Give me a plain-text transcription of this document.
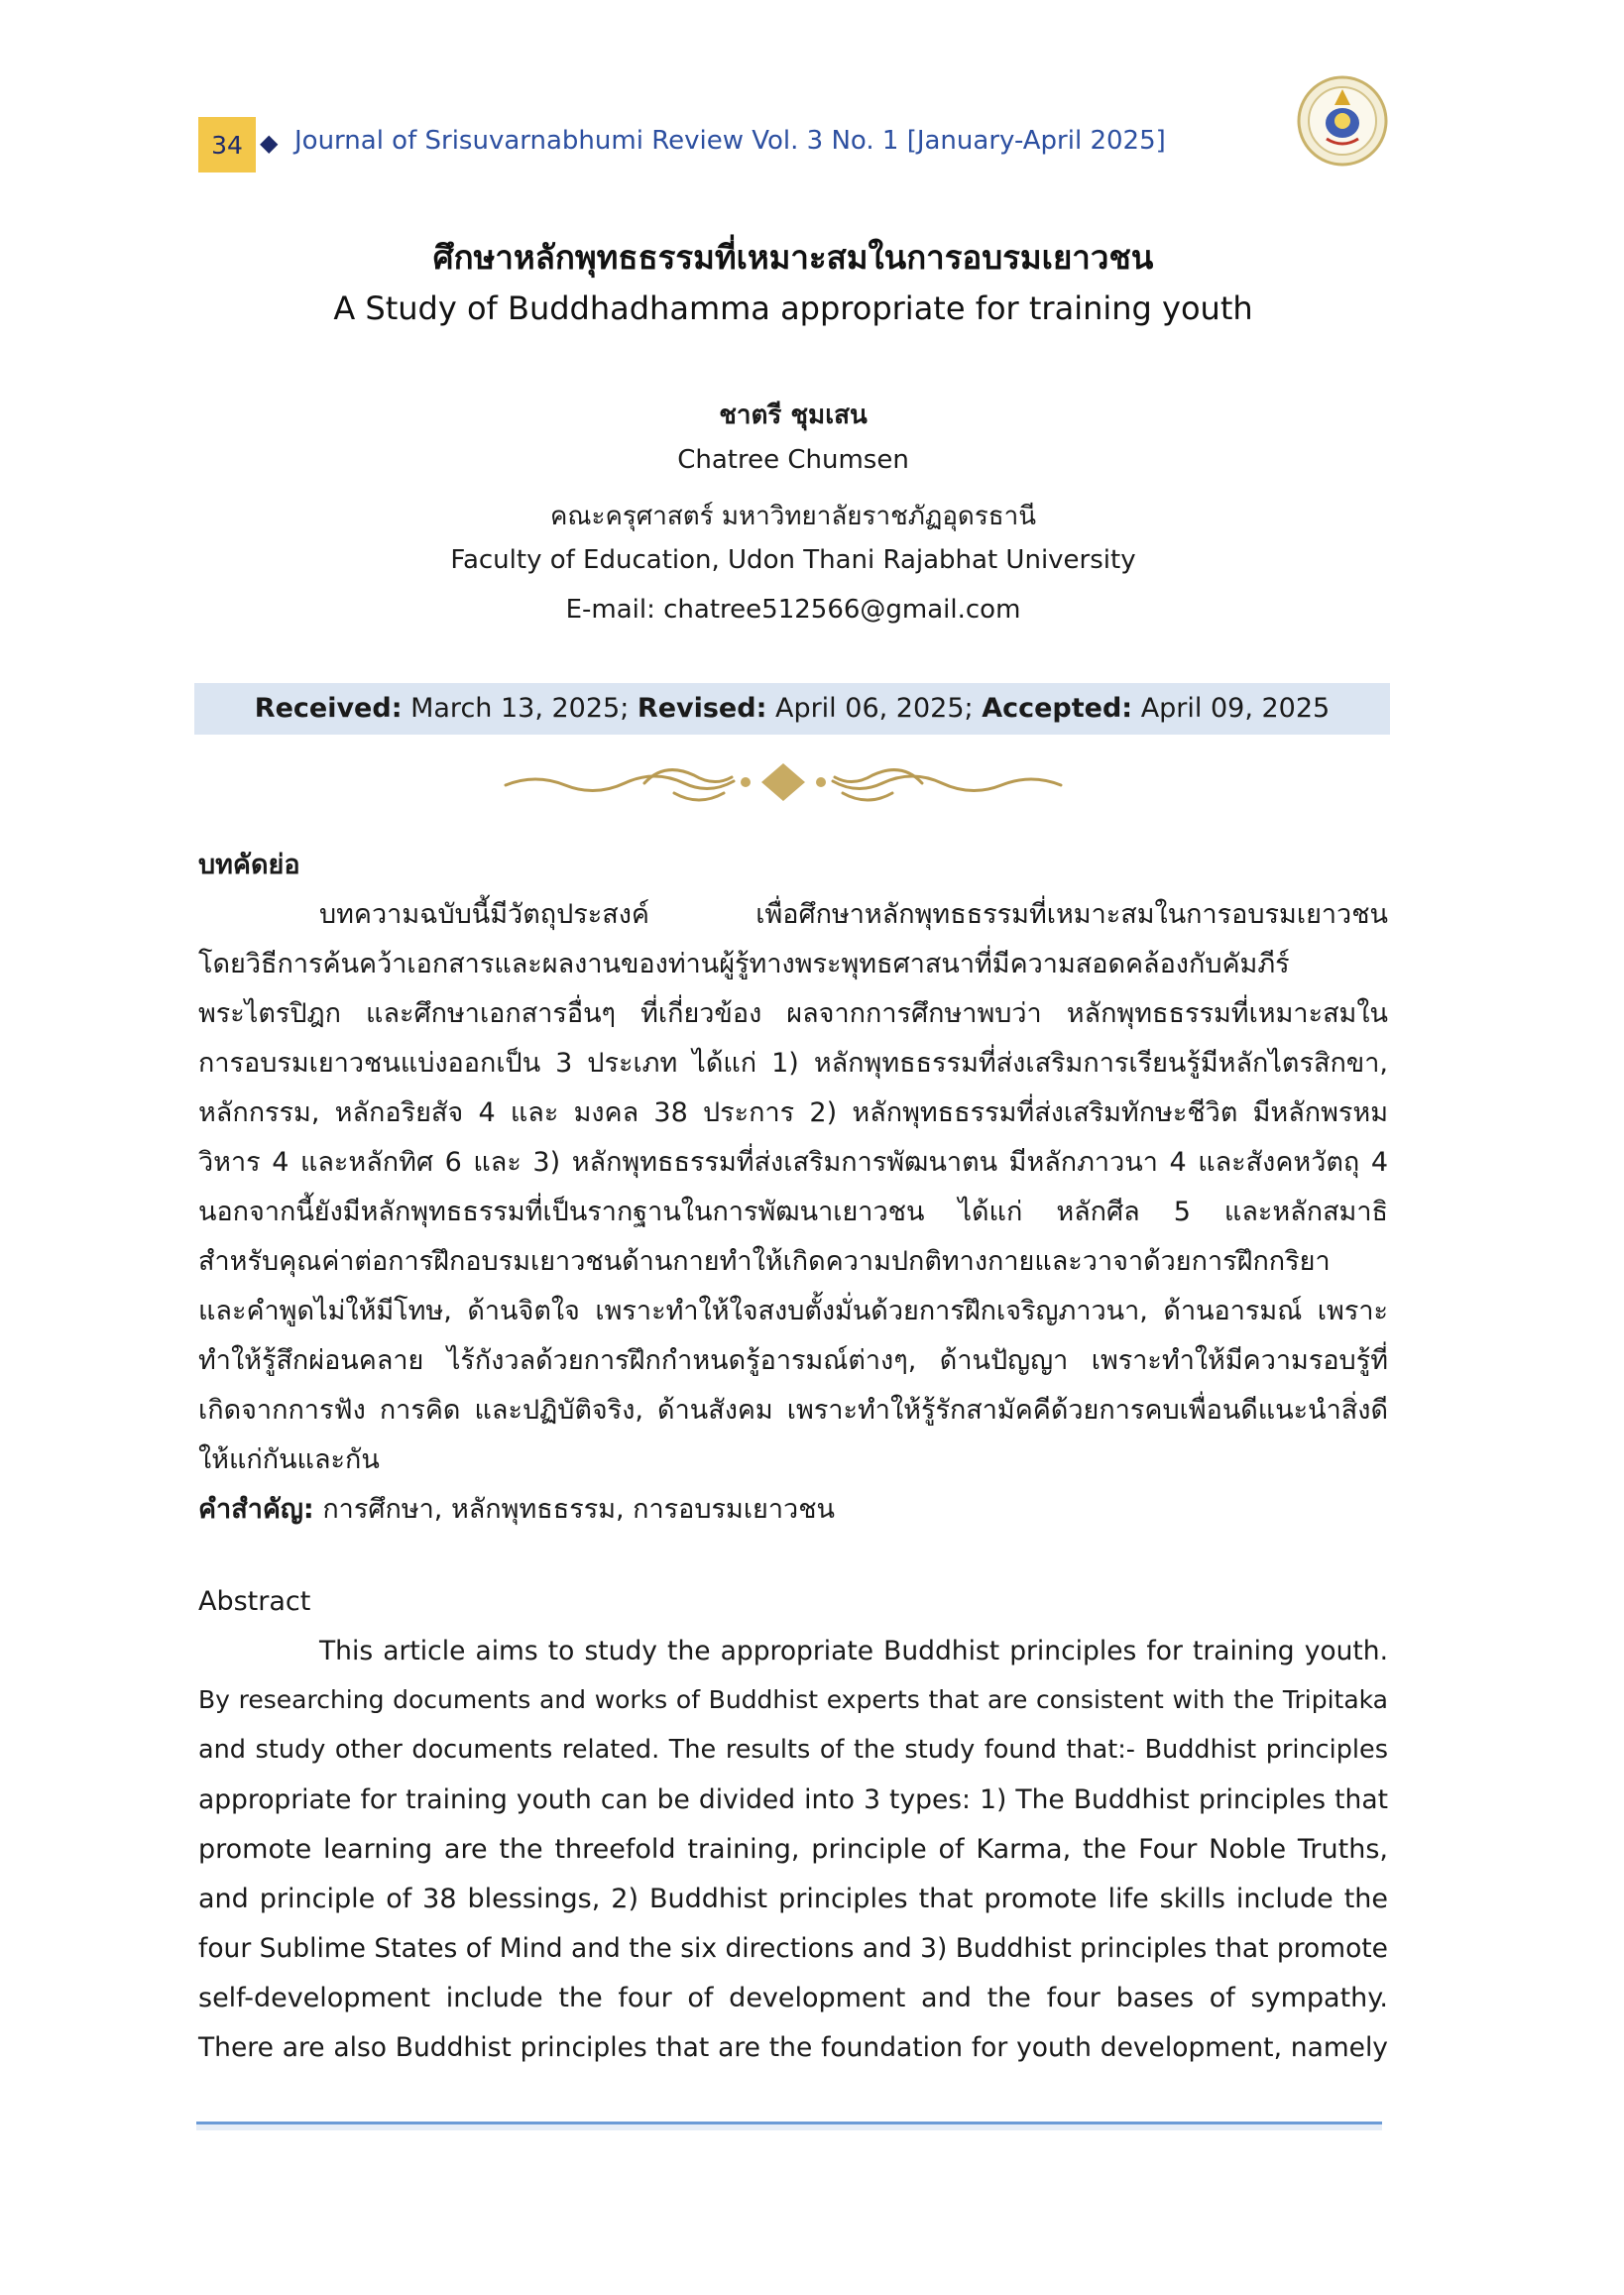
34 ◆ Journal of Srisuvarnabhumi Review Vol. 3 No. 1 [January-April 2025]
ศึกษาหลักพุทธธรรมที่เหมาะสมในการอบรมเยาวชน
A Study of Buddhadhamma appropriate for training youth
ชาตรี ชุมเสน
Chatree Chumsen
คณะครุศาสตร์ มหาวิทยาลัยราชภัฏอุดรธานี
Faculty of Education, Udon Thani Rajabhat University
E-mail: chatree512566@gmail.com
Received: March 13, 2025; Revised: April 06, 2025; Accepted: April 09, 2025
บทคัดย่อ
บทความฉบับนี้มีวัตถุประสงค์ เพื่อศึกษาหลักพุทธธรรมที่เหมาะสมในการอบรมเยาวชน
โดยวิธีการค้นคว้าเอกสารและผลงานของท่านผู้รู้ทางพระพุทธศาสนาที่มีความสอดคล้องกับคัมภีร์
พระไตรปิฎก และศึกษาเอกสารอื่นๆ ที่เกี่ยวข้อง ผลจากการศึกษาพบว่า หลักพุทธธรรมที่เหมาะสมใน
การอบรมเยาวชนแบ่งออกเป็น 3 ประเภท ได้แก่ 1) หลักพุทธธรรมที่ส่งเสริมการเรียนรู้มีหลักไตรสิกขา,
หลักกรรม, หลักอริยสัจ 4 และ มงคล 38 ประการ 2) หลักพุทธธรรมที่ส่งเสริมทักษะชีวิต มีหลักพรหม
วิหาร 4 และหลักทิศ 6 และ 3) หลักพุทธธรรมที่ส่งเสริมการพัฒนาตน มีหลักภาวนา 4 และสังคหวัตถุ 4
นอกจากนี้ยังมีหลักพุทธธรรมที่เป็นรากฐานในการพัฒนาเยาวชน ได้แก่ หลักศีล 5 และหลักสมาธิ
สำหรับคุณค่าต่อการฝึกอบรมเยาวชนด้านกายทำให้เกิดความปกติทางกายและวาจาด้วยการฝึกกริยา
และคำพูดไม่ให้มีโทษ, ด้านจิตใจ เพราะทำให้ใจสงบตั้งมั่นด้วยการฝึกเจริญภาวนา, ด้านอารมณ์ เพราะ
ทำให้รู้สึกผ่อนคลาย ไร้กังวลด้วยการฝึกกำหนดรู้อารมณ์ต่างๆ, ด้านปัญญา เพราะทำให้มีความรอบรู้ที่
เกิดจากการฟัง การคิด และปฏิบัติจริง, ด้านสังคม เพราะทำให้รู้รักสามัคคีด้วยการคบเพื่อนดีแนะนำสิ่งดี
ให้แก่กันและกัน
คำสำคัญ: การศึกษา, หลักพุทธธรรม, การอบรมเยาวชน
Abstract
This article aims to study the appropriate Buddhist principles for training youth.
By researching documents and works of Buddhist experts that are consistent with the Tripitaka
and study other documents related. The results of the study found that:- Buddhist principles
appropriate for training youth can be divided into 3 types: 1) The Buddhist principles that
promote learning are the threefold training, principle of Karma, the Four Noble Truths,
and principle of 38 blessings, 2) Buddhist principles that promote life skills include the
four Sublime States of Mind and the six directions and 3) Buddhist principles that promote
self-development include the four of development and the four bases of sympathy.
There are also Buddhist principles that are the foundation for youth development, namely
